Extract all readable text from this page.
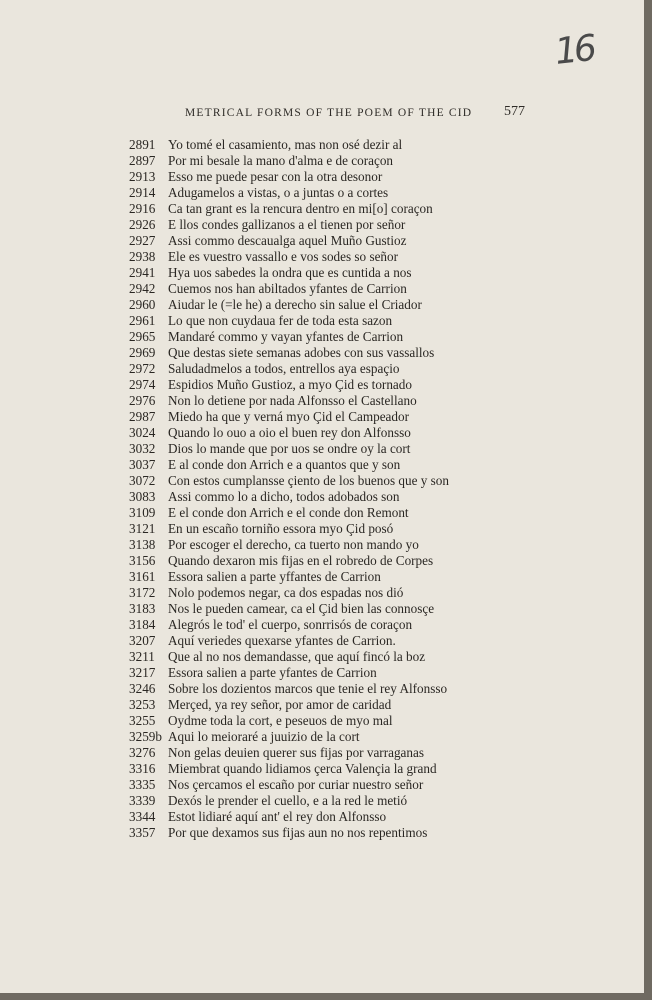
16
METRICAL FORMS OF THE POEM OF THE CID 577
2891 Yo tomé el casamiento, mas non osé dezir al
2897 Por mi besale la mano d'alma e de coraçon
2913 Esso me puede pesar con la otra desonor
2914 Adugamelos a vistas, o a juntas o a cortes
2916 Ca tan grant es la rencura dentro en mi[o] coraçon
2926 E llos condes gallizanos a el tienen por señor
2927 Assi commo descaualga aquel Muño Gustioz
2938 Ele es vuestro vassallo e vos sodes so señor
2941 Hya uos sabedes la ondra que es cuntida a nos
2942 Cuemos nos han abiltados yfantes de Carrion
2960 Aiudar le (=le he) a derecho sin salue el Criador
2961 Lo que non cuydaua fer de toda esta sazon
2965 Mandaré commo y vayan yfantes de Carrion
2969 Que destas siete semanas adobes con sus vassallos
2972 Saludadmelos a todos, entrellos aya espaçio
2974 Espidios Muño Gustioz, a myo Çid es tornado
2976 Non lo detiene por nada Alfonsso el Castellano
2987 Miedo ha que y verná myo Çid el Campeador
3024 Quando lo ouo a oio el buen rey don Alfonsso
3032 Dios lo mande que por uos se ondre oy la cort
3037 E al conde don Arrich e a quantos que y son
3072 Con estos cumplansse çiento de los buenos que y son
3083 Assi commo lo a dicho, todos adobados son
3109 E el conde don Arrich e el conde don Remont
3121 En un escaño torniño essora myo Çid posó
3138 Por escoger el derecho, ca tuerto non mando yo
3156 Quando dexaron mis fijas en el robredo de Corpes
3161 Essora salien a parte yffantes de Carrion
3172 Nolo podemos negar, ca dos espadas nos dió
3183 Nos le pueden camear, ca el Çid bien las connosçe
3184 Alegrós le tod' el cuerpo, sonrrisós de coraçon
3207 Aquí veriedes quexarse yfantes de Carrion.
3211 Que al no nos demandasse, que aquí fincó la boz
3217 Essora salien a parte yfantes de Carrion
3246 Sobre los dozientos marcos que tenie el rey Alfonsso
3253 Merçed, ya rey señor, por amor de caridad
3255 Oydme toda la cort, e peseuos de myo mal
3259b Aqui lo meioraré a juuizio de la cort
3276 Non gelas deuien querer sus fijas por varraganas
3316 Miembrat quando lidiamos çerca Valençia la grand
3335 Nos çercamos el escaño por curiar nuestro señor
3339 Dexós le prender el cuello, e a la red le metió
3344 Estot lidiaré aquí ant' el rey don Alfonsso
3357 Por que dexamos sus fijas aun no nos repentimos
